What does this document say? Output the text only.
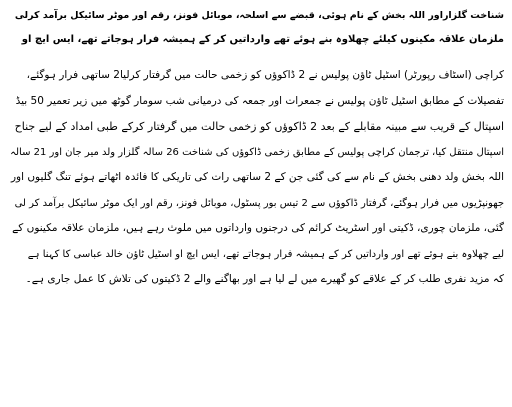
شناخت گلزاراور اللہ بخش کے نام ہوئی، قبضے سے اسلحہ، موبائل فونز، رقم اور موٹر سائیکل برآمد کرلی
ملزمان علاقہ مکینوں کیلئے چھلاوہ بنے ہوئے تھے وارداتیں کر کے ہمیشہ فرار ہوجاتے تھے، ایس ایچ او
کراچی (اسٹاف رپورٹر) اسٹیل ٹاؤن پولیس نے 2 ڈاکوؤں کو زخمی حالت میں گرفتار کرلیا2 ساتھی فرار ہوگئے،
تفصیلات کے مطابق اسٹیل ٹاؤن پولیس نے جمعرات اور جمعہ کی درمیانی شب سومار گوٹھ میں زیر تعمیر 50 بیڈ
اسپتال کے قریب سے مبینہ مقابلے کے بعد 2 ڈاکوؤں کو زخمی حالت میں گرفتار کرکے طبی امداد کے لیے جناح
اسپتال منتقل کیا، ترجمان کراچی پولیس کے مطابق زخمی ڈاکوؤں کی شناخت 26 سالہ گلزار ولد میر جان اور 21 سالہ
اللہ بخش ولد دھنی بخش کے نام سے کی گئی جن کے 2 ساتھی رات کی تاریکی کا فائدہ اٹھاتے ہوئے تنگ گلیوں اور
جھونپڑیوں میں فرار ہوگئے، گرفتار ڈاکوؤں سے 2 تیس بور پسٹول، موبائل فونز، رقم اور ایک موٹر سائیکل برآمد کر لی
گئی، ملزمان چوری، ڈکیتی اور اسٹریٹ کرائم کی درجنوں وارداتوں میں ملوث رہے ہیں، ملزمان علاقہ مکینوں کے
لیے چھلاوہ بنے ہوئے تھے اور وارداتیں کر کے ہمیشہ فرار ہوجاتے تھے، ایس ایچ او اسٹیل ٹاؤن خالد عباسی کا کہنا ہے
کہ مزید نفری طلب کر کے علاقے کو گھیرے میں لے لیا ہے اور بھاگنے والے 2 ڈکیتوں کی تلاش کا عمل جاری ہے۔
